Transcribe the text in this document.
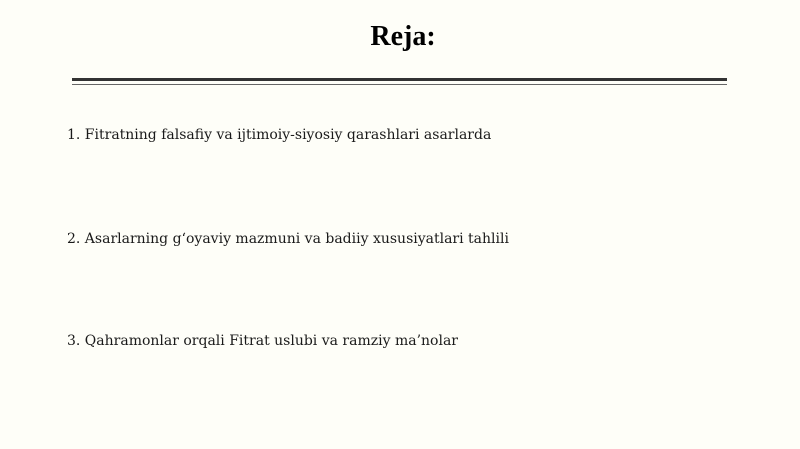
Reja:
1. Fitratning falsafiy va ijtimoiy-siyosiy qarashlari asarlarda
2. Asarlarning g‘oyaviy mazmuni va badiiy xususiyatlari tahlili
3. Qahramonlar orqali Fitrat uslubi va ramziy ma’nolar
